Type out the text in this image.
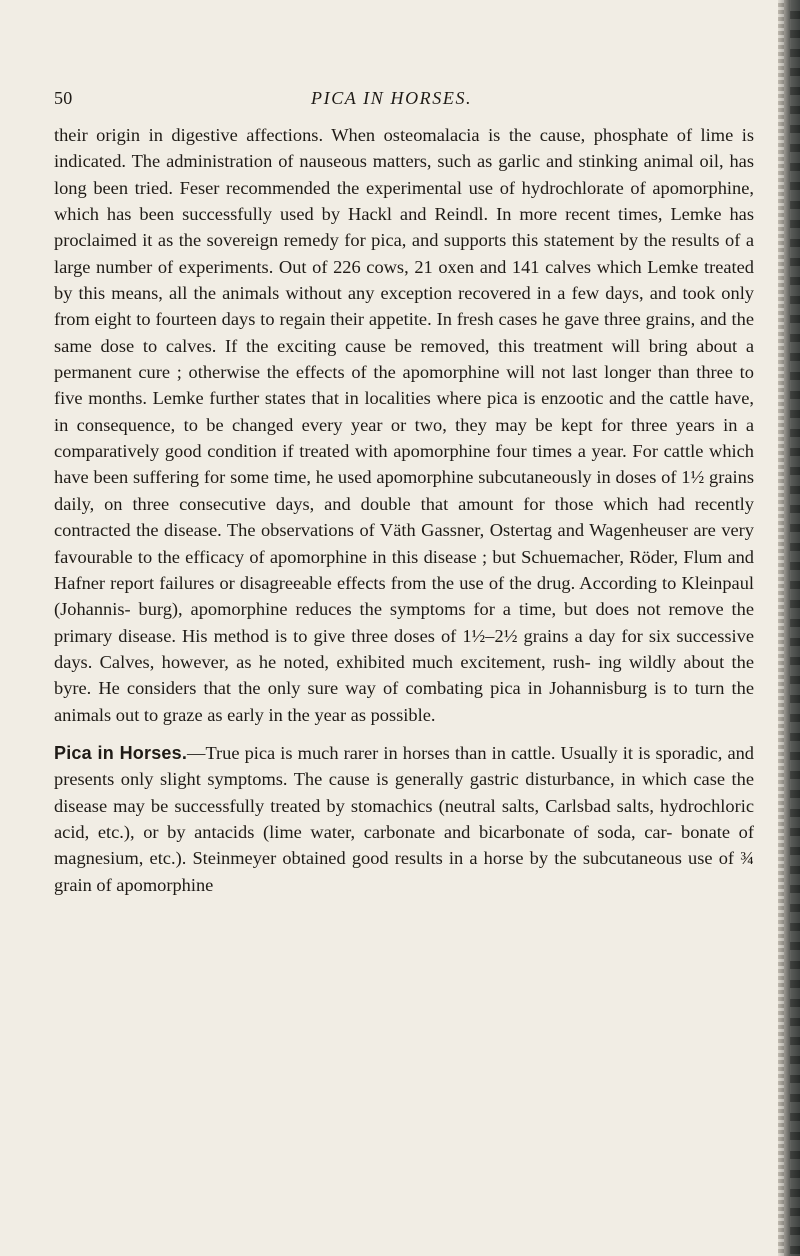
50	PICA IN HORSES.

their origin in digestive affections. When osteomalacia is the cause, phosphate of lime is indicated. The administration of nauseous matters, such as garlic and stinking animal oil, has long been tried. Feser recommended the experimental use of hydrochlorate of apomorphine, which has been successfully used by Hackl and Reindl. In more recent times, Lemke has proclaimed it as the sovereign remedy for pica, and supports this statement by the results of a large number of experiments. Out of 226 cows, 21 oxen and 141 calves which Lemke treated by this means, all the animals without any exception recovered in a few days, and took only from eight to fourteen days to regain their appetite. In fresh cases he gave three grains, and the same dose to calves. If the exciting cause be removed, this treatment will bring about a permanent cure ; otherwise the effects of the apomorphine will not last longer than three to five months. Lemke further states that in localities where pica is enzootic and the cattle have, in consequence, to be changed every year or two, they may be kept for three years in a comparatively good condition if treated with apomorphine four times a year. For cattle which have been suffering for some time, he used apomorphine subcutaneously in doses of 1½ grains daily, on three consecutive days, and double that amount for those which had recently contracted the disease. The observations of Väth Gassner, Ostertag and Wagenheuser are very favourable to the efficacy of apomorphine in this disease ; but Schuemacher, Röder, Flum and Hafner report failures or disagreeable effects from the use of the drug. According to Kleinpaul (Johannis- burg), apomorphine reduces the symptoms for a time, but does not remove the primary disease. His method is to give three doses of 1½–2½ grains a day for six successive days. Calves, however, as he noted, exhibited much excitement, rush- ing wildly about the byre. He considers that the only sure way of combating pica in Johannisburg is to turn the animals out to graze as early in the year as possible.

Pica in Horses.—True pica is much rarer in horses than in cattle. Usually it is sporadic, and presents only slight symptoms. The cause is generally gastric disturbance, in which case the disease may be successfully treated by stomachics (neutral salts, Carlsbad salts, hydrochloric acid, etc.), or by antacids (lime water, carbonate and bicarbonate of soda, car- bonate of magnesium, etc.). Steinmeyer obtained good results in a horse by the subcutaneous use of ¾ grain of apomorphine
